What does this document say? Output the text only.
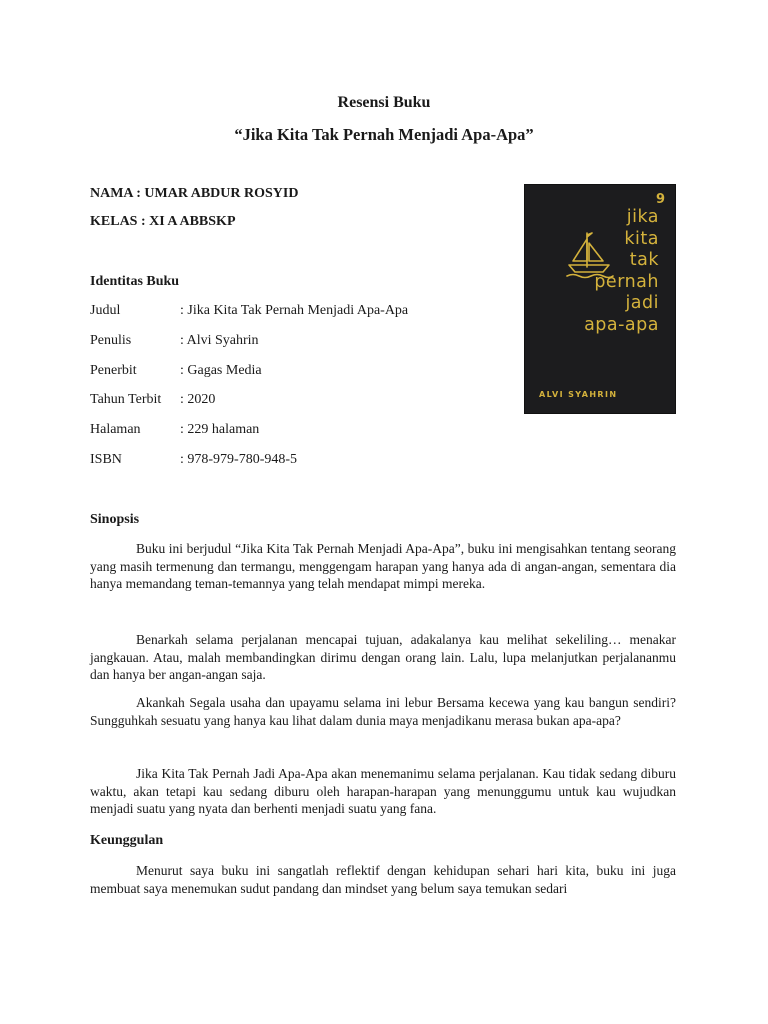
Resensi Buku
“Jika Kita Tak Pernah Menjadi Apa-Apa”
NAMA : UMAR ABDUR ROSYID
KELAS : XI A ABBSKP
Identitas Buku
Judul	: Jika Kita Tak Pernah Menjadi Apa-Apa
Penulis	: Alvi Syahrin
Penerbit	: Gagas Media
Tahun Terbit	: 2020
Halaman	: 229 halaman
ISBN	: 978-979-780-948-5
9
jika
kita
tak
pernah
jadi
apa-apa
ALVI SYAHRIN
Sinopsis

Buku ini berjudul “Jika Kita Tak Pernah Menjadi Apa-Apa”, buku ini mengisahkan tentang seorang yang masih termenung dan termangu, menggengam harapan yang hanya ada di angan-angan, sementara dia hanya memandang teman-temannya yang telah mendapat mimpi mereka.

Benarkah selama perjalanan mencapai tujuan, adakalanya kau melihat sekeliling… menakar jangkauan. Atau, malah membandingkan dirimu dengan orang lain. Lalu, lupa melanjutkan perjalananmu dan hanya ber angan-angan saja.

Akankah Segala usaha dan upayamu selama ini lebur Bersama kecewa yang kau bangun sendiri? Sungguhkah sesuatu yang hanya kau lihat dalam dunia maya menjadikanu merasa bukan apa-apa?

Jika Kita Tak Pernah Jadi Apa-Apa akan menemanimu selama perjalanan. Kau tidak sedang diburu waktu, akan tetapi kau sedang diburu oleh harapan-harapan yang menunggumu untuk kau wujudkan menjadi suatu yang nyata dan berhenti menjadi suatu yang fana.

Keunggulan

Menurut saya buku ini sangatlah reflektif dengan kehidupan sehari hari kita, buku ini juga membuat saya menemukan sudut pandang dan mindset yang belum saya temukan sedari
